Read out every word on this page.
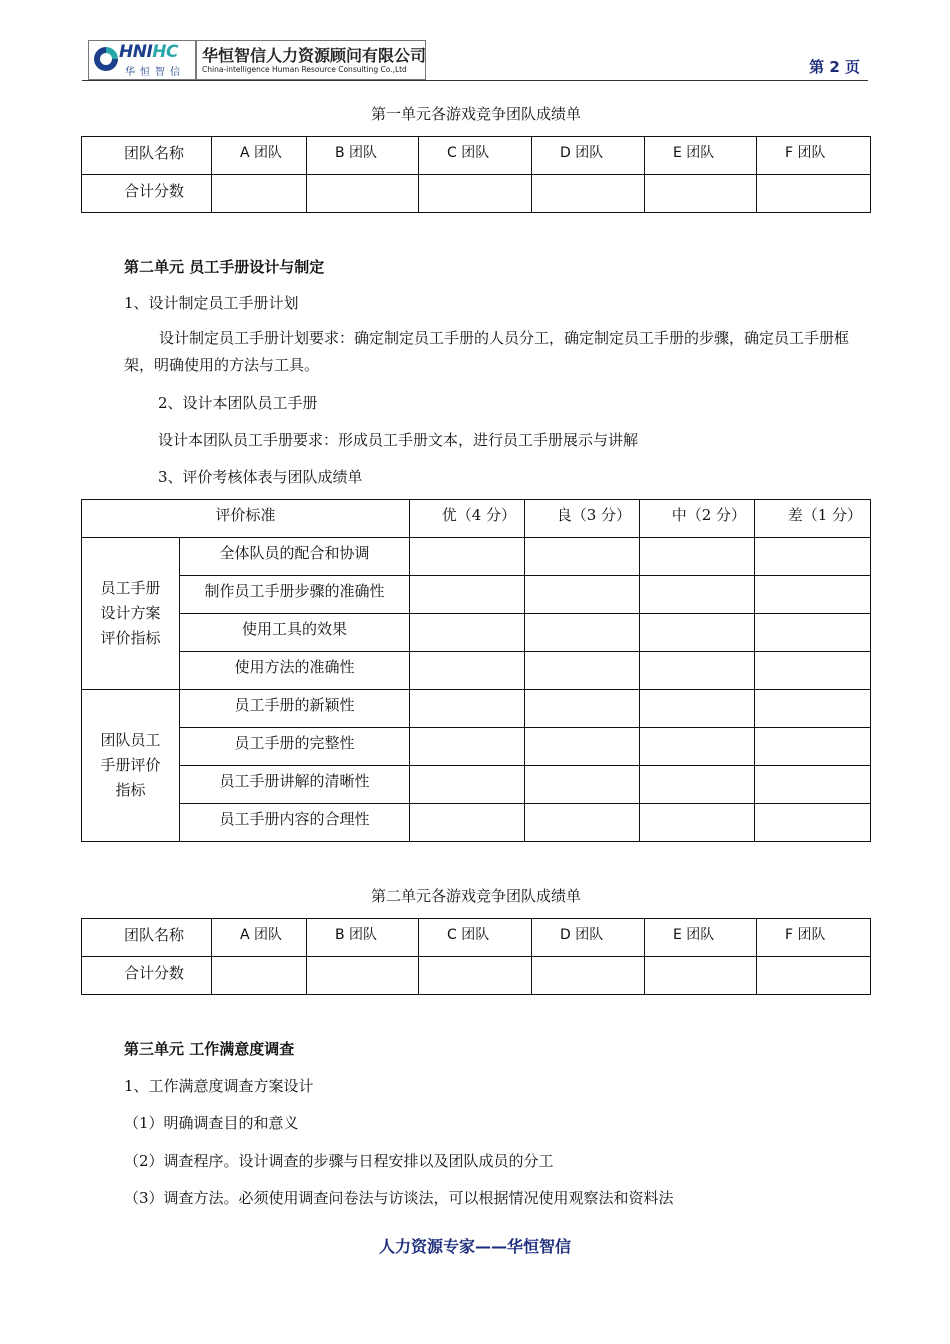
HNIHC
华恒智信
华恒智信人力资源顾问有限公司
China-intelligence Human Resource Consulting Co.,Ltd	第 2 页
第一单元各游戏竞争团队成绩单
团队名称	A 团队	B 团队	C 团队	D 团队	E 团队	F 团队

合计分数						

第二单元 员工手册设计与制定
1、设计制定员工手册计划
设计制定员工手册计划要求：确定制定员工手册的人员分工，确定制定员工手册的步骤，确定员工手册框架，明确使用的方法与工具。
2、设计本团队员工手册
设计本团队员工手册要求：形成员工手册文本，进行员工手册展示与讲解
3、评价考核体表与团队成绩单
评价标准		优（4 分）	良（3 分）	中（2 分）	差（1 分）

员工手册设计方案评价指标	全体队员的配合和协调				

	制作员工手册步骤的准确性				

	使用工具的效果				

	使用方法的准确性				

团队员工手册评价指标	员工手册的新颖性				

	员工手册的完整性				

	员工手册讲解的清晰性				

	员工手册内容的合理性				

第二单元各游戏竞争团队成绩单
团队名称	A 团队	B 团队	C 团队	D 团队	E 团队	F 团队

合计分数						

第三单元 工作满意度调查
1、工作满意度调查方案设计
（1）明确调查目的和意义
（2）调查程序。设计调查的步骤与日程安排以及团队成员的分工
（3）调查方法。必须使用调查问卷法与访谈法，可以根据情况使用观察法和资料法
人力资源专家——华恒智信
